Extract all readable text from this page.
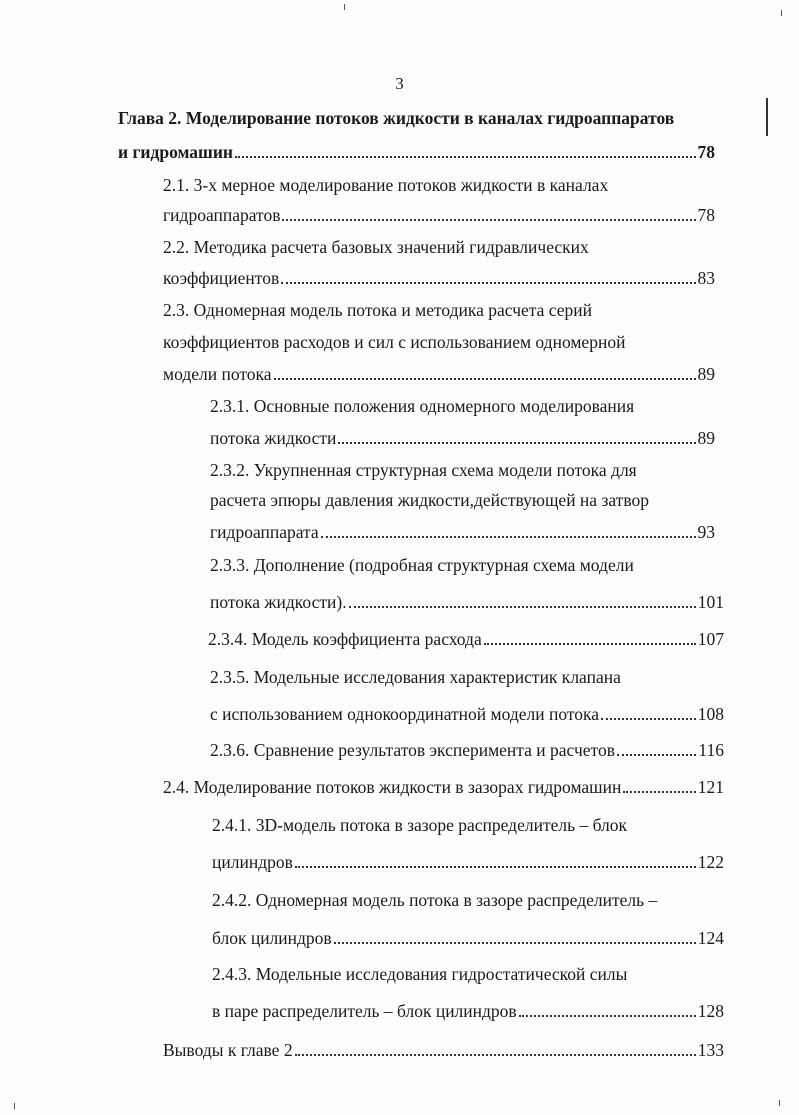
3
Глава 2. Моделирование потоков жидкости в каналах гидроаппаратов
и гидромашин	78
2.1. 3-х мерное моделирование потоков жидкости в каналах
гидроаппаратов	78
2.2. Методика расчета базовых значений гидравлических
коэффициентов	83
2.3. Одномерная модель потока и методика расчета серий
коэффициентов расходов и сил с использованием одномерной
модели потока	89
2.3.1. Основные положения одномерного моделирования
потока жидкости	89
2.3.2. Укрупненная структурная схема модели потока для
расчета эпюры давления жидкости,действующей на затвор
гидроаппарата	93
2.3.3. Дополнение (подробная структурная схема модели
потока жидкости).	101
2.3.4. Модель коэффициента расхода	107
2.3.5. Модельные исследования характеристик клапана
с использованием однокоординатной модели потока	108
2.3.6. Сравнение результатов эксперимента и расчетов	116
2.4. Моделирование потоков жидкости в зазорах гидромашин	121
2.4.1. 3D-модель потока в зазоре распределитель – блок
цилиндров	122
2.4.2. Одномерная модель потока в зазоре распределитель –
блок цилиндров	124
2.4.3. Модельные исследования гидростатической силы
в паре распределитель – блок цилиндров	128
Выводы к главе 2	133
